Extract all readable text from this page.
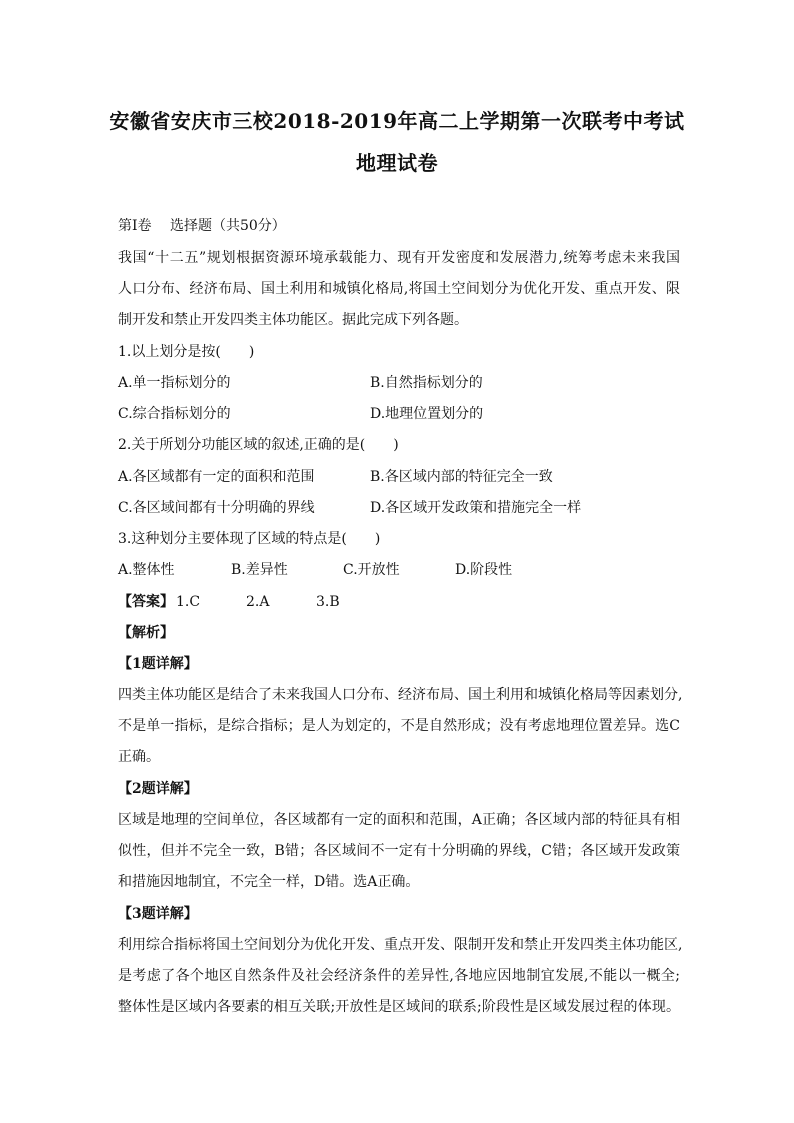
安徽省安庆市三校2018-2019年高二上学期第一次联考中考试
地理试卷
第Ⅰ卷　 选择题（共50分）
我国“十二五”规划根据资源环境承载能力、现有开发密度和发展潜力,统筹考虑未来我国
人口分布、经济布局、国土利用和城镇化格局,将国土空间划分为优化开发、重点开发、限
制开发和禁止开发四类主体功能区。据此完成下列各题。
1.以上划分是按(　　)
A.单一指标划分的	B.自然指标划分的
C.综合指标划分的	D.地理位置划分的
2.关于所划分功能区域的叙述,正确的是(　　)
A.各区域都有一定的面积和范围	B.各区域内部的特征完全一致
C.各区域间都有十分明确的界线	D.各区域开发政策和措施完全一样
3.这种划分主要体现了区域的特点是(　　)
A.整体性	B.差异性	C.开放性	D.阶段性
【答案】 1.C	2.A	3.B
【解析】
【1题详解】
四类主体功能区是结合了未来我国人口分布、经济布局、国土利用和城镇化格局等因素划分,
不是单一指标，是综合指标；是人为划定的，不是自然形成；没有考虑地理位置差异。选C
正确。
【2题详解】
区域是地理的空间单位，各区域都有一定的面积和范围，A正确；各区域内部的特征具有相
似性，但并不完全一致，B错；各区域间不一定有十分明确的界线，C错；各区域开发政策
和措施因地制宜，不完全一样，D错。选A正确。
【3题详解】
利用综合指标将国土空间划分为优化开发、重点开发、限制开发和禁止开发四类主体功能区,
是考虑了各个地区自然条件及社会经济条件的差异性,各地应因地制宜发展,不能以一概全;
整体性是区域内各要素的相互关联;开放性是区域间的联系;阶段性是区域发展过程的体现。
